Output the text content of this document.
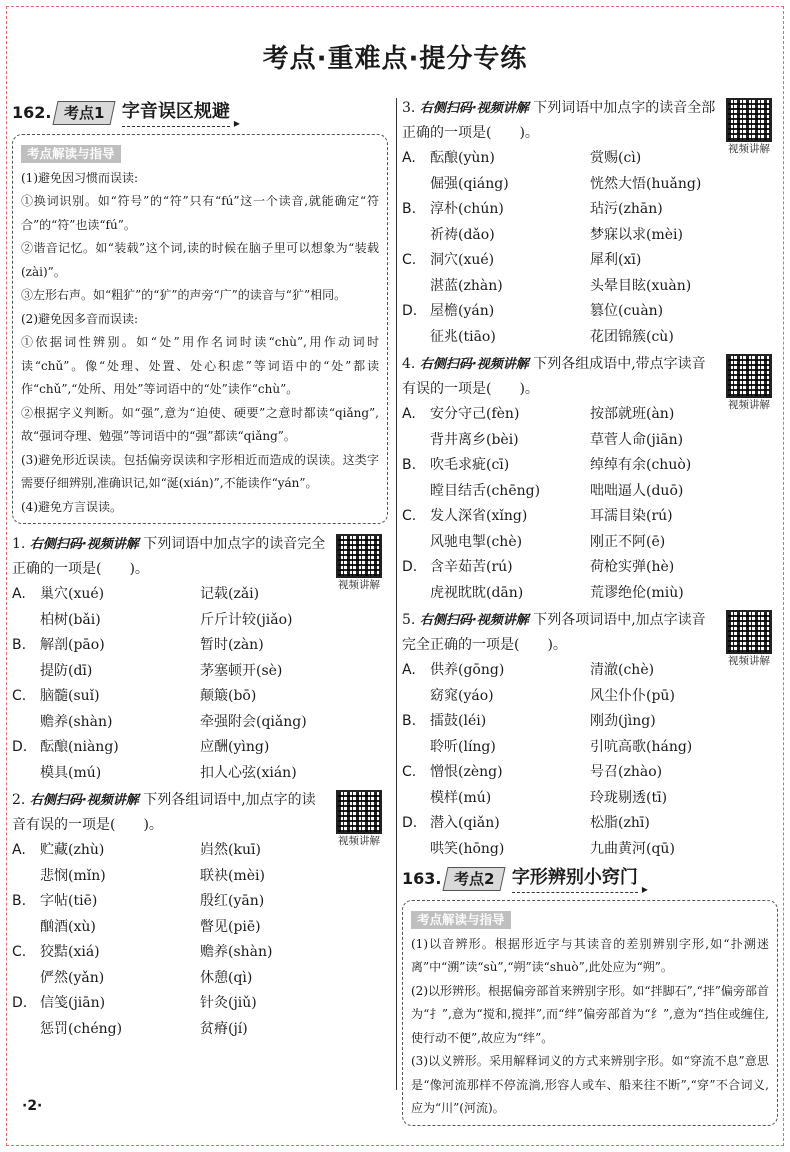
考点·重难点·提分专练
162. 考点1 字音误区规避 ▸
考点解读与指导

(1)避免因习惯而误读:

①换词识别。如“符号”的“符”只有“fú”这一个读音,就能确定“符合”的“符”也读“fú”。

②谐音记忆。如“装载”这个词,读的时候在脑子里可以想象为“装载(zài)”。

③左形右声。如“粗犷”的“犷”的声旁“广”的读音与“犷”相同。

(2)避免因多音而误读:

①依据词性辨别。如“处”用作名词时读“chù”,用作动词时读“chǔ”。像“处理、处置、处心积虑”等词语中的“处”都读作“chǔ”,“处所、用处”等词语中的“处”读作“chù”。

②根据字义判断。如“强”,意为“迫使、硬要”之意时都读“qiǎng”,故“强词夺理、勉强”等词语中的“强”都读“qiǎng”。

(3)避免形近误读。包括偏旁误读和字形相近而造成的误读。这类字需要仔细辨别,准确识记,如“涎(xián)”,不能读作“yán”。

(4)避免方言误读。

视频讲解
1. 右侧扫码·视频讲解 下列词语中加点字的读音完全正确的一项是(　　)。
A.	巢穴(xué)	记载(zǎi)
柏树(bǎi)	斤斤计较(jiǎo)
B. 解剖(pāo)	暂时(zàn)
提防(dī)	茅塞顿开(sè)
C. 脑髓(suǐ)	颠簸(bō)
赡养(shàn)	牵强附会(qiǎng)
D. 酝酿(niàng)	应酬(yìng)
模具(mú)	扣人心弦(xián)
视频讲解
2. 右侧扫码·视频讲解 下列各组词语中,加点字的读音有误的一项是(　　)。
A.	贮藏(zhù)	岿然(kuī)
悲悯(mǐn)	联袂(mèi)
B. 字帖(tiē)	殷红(yān)
酗酒(xù)	瞥见(piē)
C. 狡黠(xiá)	赡养(shàn)
俨然(yǎn)	休憩(qì)
D. 信笺(jiān)	针灸(jiǔ)
惩罚(chéng)	贫瘠(jí)
视频讲解
3. 右侧扫码·视频讲解 下列词语中加点字的读音全部正确的一项是(　　)。
A.	酝酿(yùn)	赏赐(cì)
倔强(qiáng)	恍然大悟(huǎng)
B. 淳朴(chún)	玷污(zhān)
祈祷(dǎo)	梦寐以求(mèi)
C. 洞穴(xué)	犀利(xī)
湛蓝(zhàn)	头晕目眩(xuàn)
D. 屋檐(yán)	篡位(cuàn)
征兆(tiāo)	花团锦簇(cù)
视频讲解
4. 右侧扫码·视频讲解 下列各组成语中,带点字读音有误的一项是(　　)。
A.	安分守己(fèn)	按部就班(àn)
背井离乡(bèi)	草菅人命(jiān)
B. 吹毛求疵(cī)	绰绰有余(chuò)
瞠目结舌(chēng)	咄咄逼人(duō)
C. 发人深省(xǐng)	耳濡目染(rú)
风驰电掣(chè)	刚正不阿(ē)
D. 含辛茹苦(rú)	荷枪实弹(hè)
虎视眈眈(dān)	荒谬绝伦(miù)
视频讲解
5. 右侧扫码·视频讲解 下列各项词语中,加点字读音完全正确的一项是(　　)。
A.	供养(gōng)	清澈(chè)
窈窕(yáo)	风尘仆仆(pū)
B. 擂鼓(léi)	刚劲(jìng)
聆听(líng)	引吭高歌(háng)
C. 憎恨(zèng)	号召(zhào)
模样(mú)	玲珑剔透(tī)
D. 潜入(qiǎn)	松脂(zhī)
哄笑(hōng)	九曲黄河(qū)
163. 考点2 字形辨别小窍门 ▸
考点解读与指导

(1)以音辨形。根据形近字与其读音的差别辨别字形,如“扑溯迷离”中“溯”读“sù”,“朔”读“shuò”,此处应为“朔”。

(2)以形辨形。根据偏旁部首来辨别字形。如“拌脚石”,“拌”偏旁部首为“扌”,意为“搅和,搅拌”,而“绊”偏旁部首为“纟”,意为“挡住或缠住,使行动不便”,故应为“绊”。

(3)以义辨形。采用解释词义的方式来辨别字形。如“穿流不息”意思是“像河流那样不停流淌,形容人或车、船来往不断”,“穿”不合词义,应为“川”(河流)。

·2·
